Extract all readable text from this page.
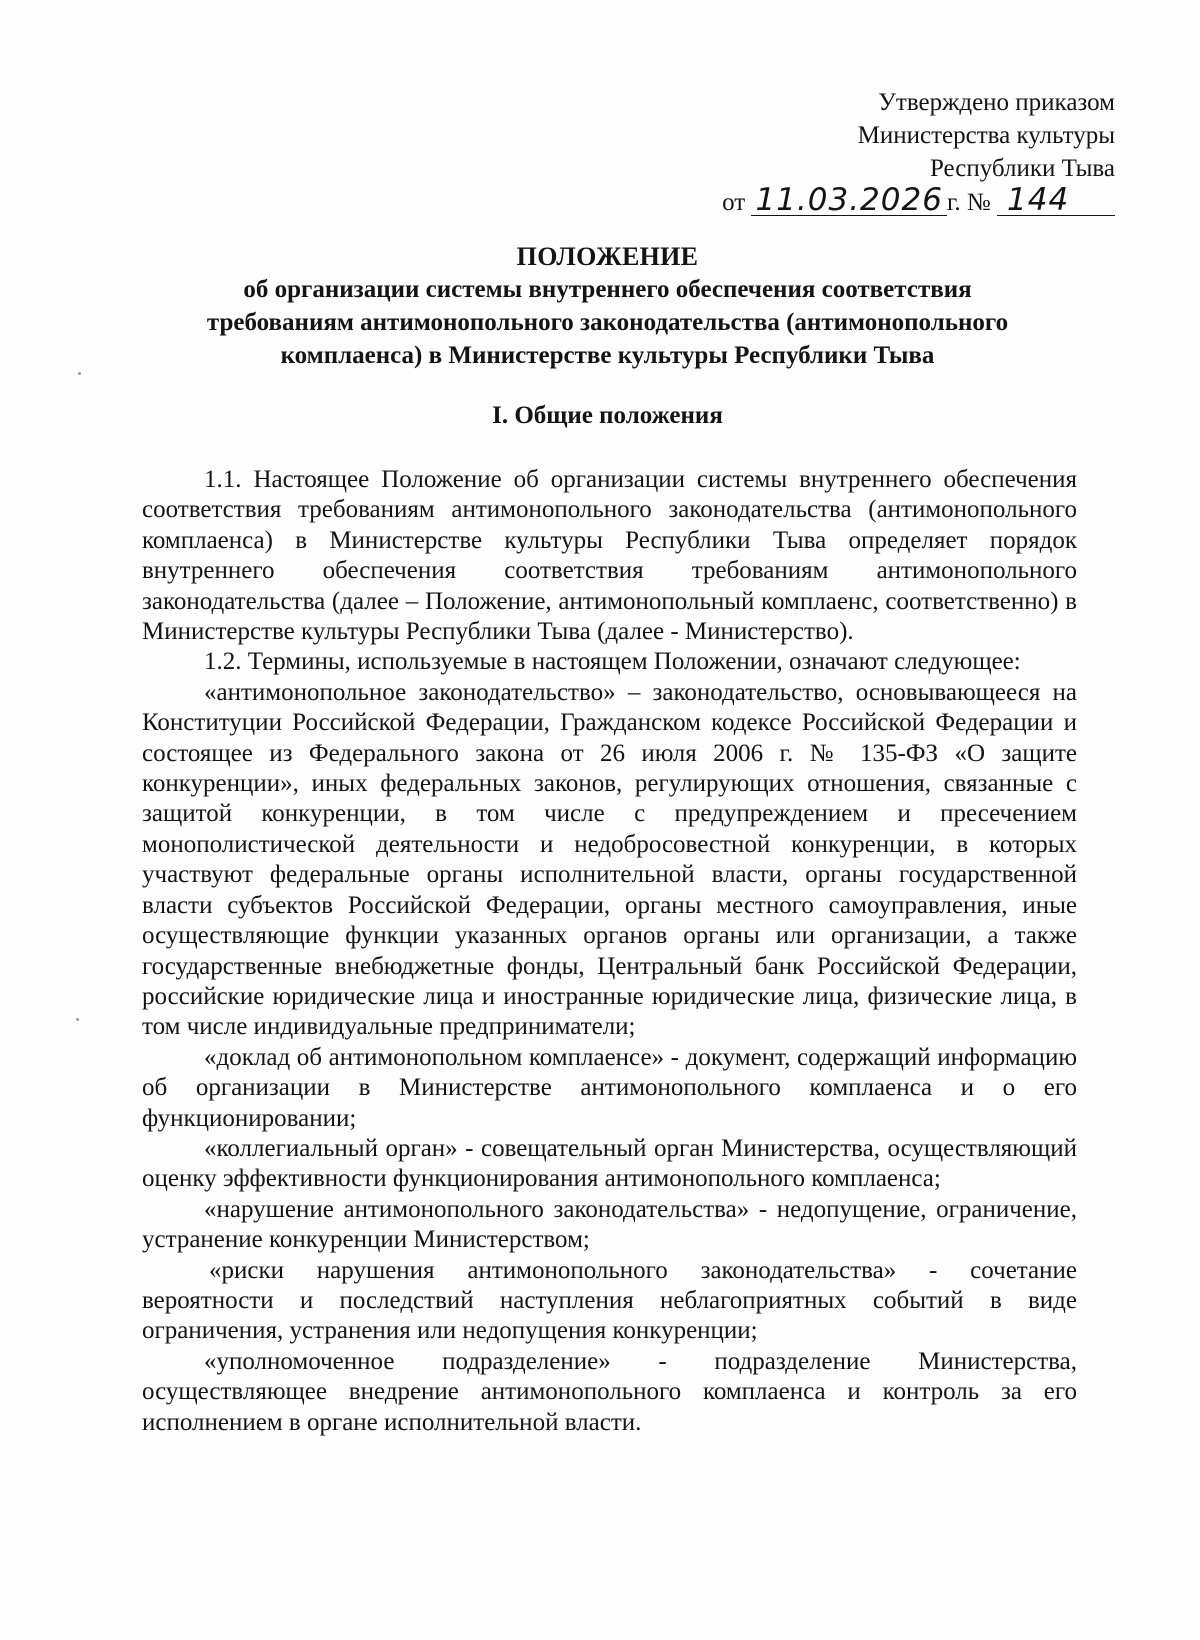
Утверждено приказом
Министерства культуры
Республики Тыва
от 11.03.2026 г. № 144
ПОЛОЖЕНИЕ
об организации системы внутреннего обеспечения соответствия
требованиям антимонопольного законодательства (антимонопольного
комплаенса) в Министерстве культуры Республики Тыва
I. Общие положения

1.1. Настоящее Положение об организации системы внутреннего обеспечения соответствия требованиям антимонопольного законодательства (антимонопольного комплаенса) в Министерстве культуры Республики Тыва определяет порядок внутреннего обеспечения соответствия требованиям антимонопольного законодательства (далее – Положение, антимонопольный комплаенс, соответственно) в Министерстве культуры Республики Тыва (далее - Министерство).

1.2. Термины, используемые в настоящем Положении, означают следующее:

«антимонопольное законодательство» – законодательство, основывающееся на Конституции Российской Федерации, Гражданском кодексе Российской Федерации и состоящее из Федерального закона от 26 июля 2006 г. № 135-ФЗ «О защите конкуренции», иных федеральных законов, регулирующих отношения, связанные с защитой конкуренции, в том числе с предупреждением и пресечением монополистической деятельности и недобросовестной конкуренции, в которых участвуют федеральные органы исполнительной власти, органы государственной власти субъектов Российской Федерации, органы местного самоуправления, иные осуществляющие функции указанных органов органы или организации, а также государственные внебюджетные фонды, Центральный банк Российской Федерации, российские юридические лица и иностранные юридические лица, физические лица, в том числе индивидуальные предприниматели;

«доклад об антимонопольном комплаенсе» - документ, содержащий информацию об организации в Министерстве антимонопольного комплаенса и о его функционировании;

«коллегиальный орган» - совещательный орган Министерства, осуществляющий оценку эффективности функционирования антимонопольного комплаенса;

«нарушение антимонопольного законодательства» - недопущение, ограничение, устранение конкуренции Министерством;

«риски нарушения антимонопольного законодательства» - сочетание вероятности и последствий наступления неблагоприятных событий в виде ограничения, устранения или недопущения конкуренции;

«уполномоченное подразделение» - подразделение Министерства, осуществляющее внедрение антимонопольного комплаенса и контроль за его исполнением в органе исполнительной власти.
